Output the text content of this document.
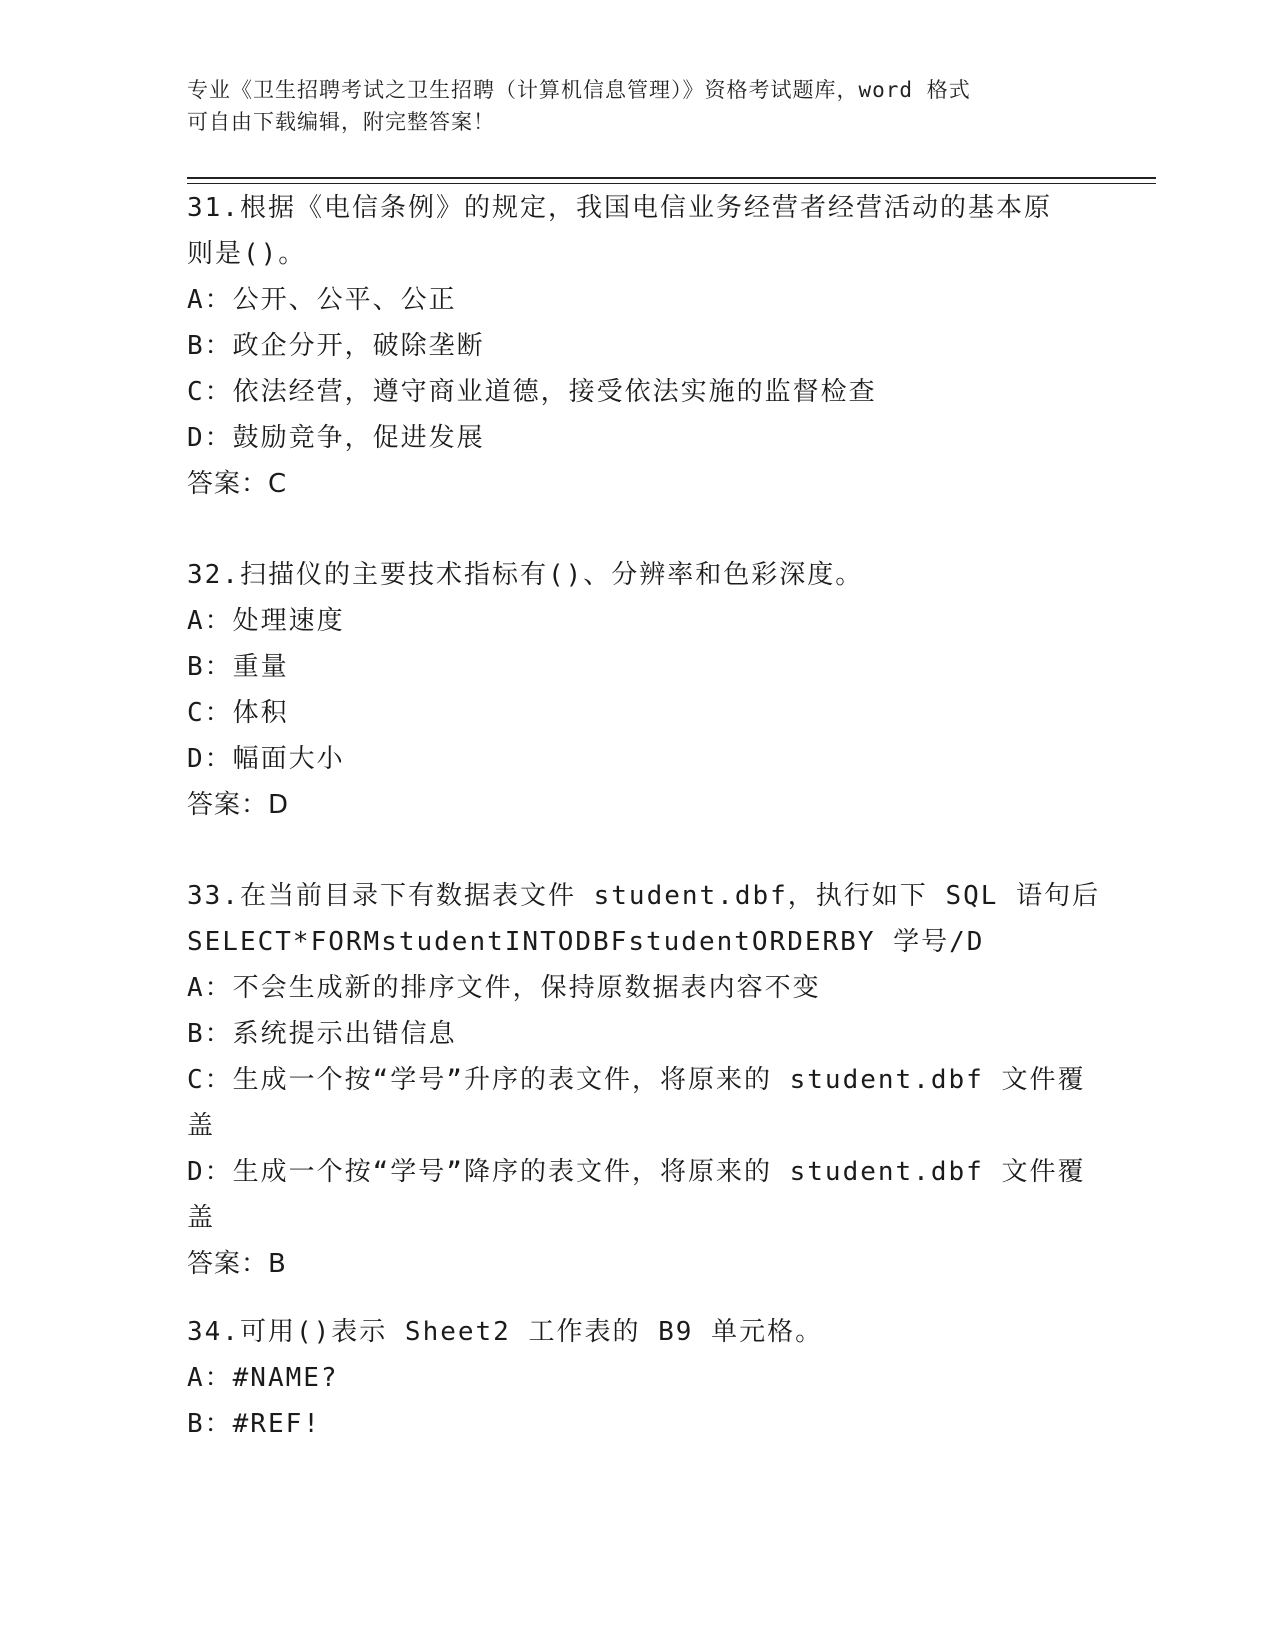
专业《卫生招聘考试之卫生招聘（计算机信息管理）》资格考试题库，word 格式
可自由下载编辑，附完整答案！
31.根据《电信条例》的规定，我国电信业务经营者经营活动的基本原
则是()。
A：公开、公平、公正
B：政企分开，破除垄断
C：依法经营，遵守商业道德，接受依法实施的监督检查
D：鼓励竞争，促进发展
答案：C
32.扫描仪的主要技术指标有()、分辨率和色彩深度。
A：处理速度
B：重量
C：体积
D：幅面大小
答案：D
33.在当前目录下有数据表文件 student.dbf，执行如下 SQL 语句后
SELECT*FORMstudentINTODBFstudentORDERBY 学号/D
A：不会生成新的排序文件，保持原数据表内容不变
B：系统提示出错信息
C：生成一个按“学号”升序的表文件，将原来的 student.dbf 文件覆
盖
D：生成一个按“学号”降序的表文件，将原来的 student.dbf 文件覆
盖
答案：B
34.可用()表示 Sheet2 工作表的 B9 单元格。
A：#NAME?
B：#REF!
